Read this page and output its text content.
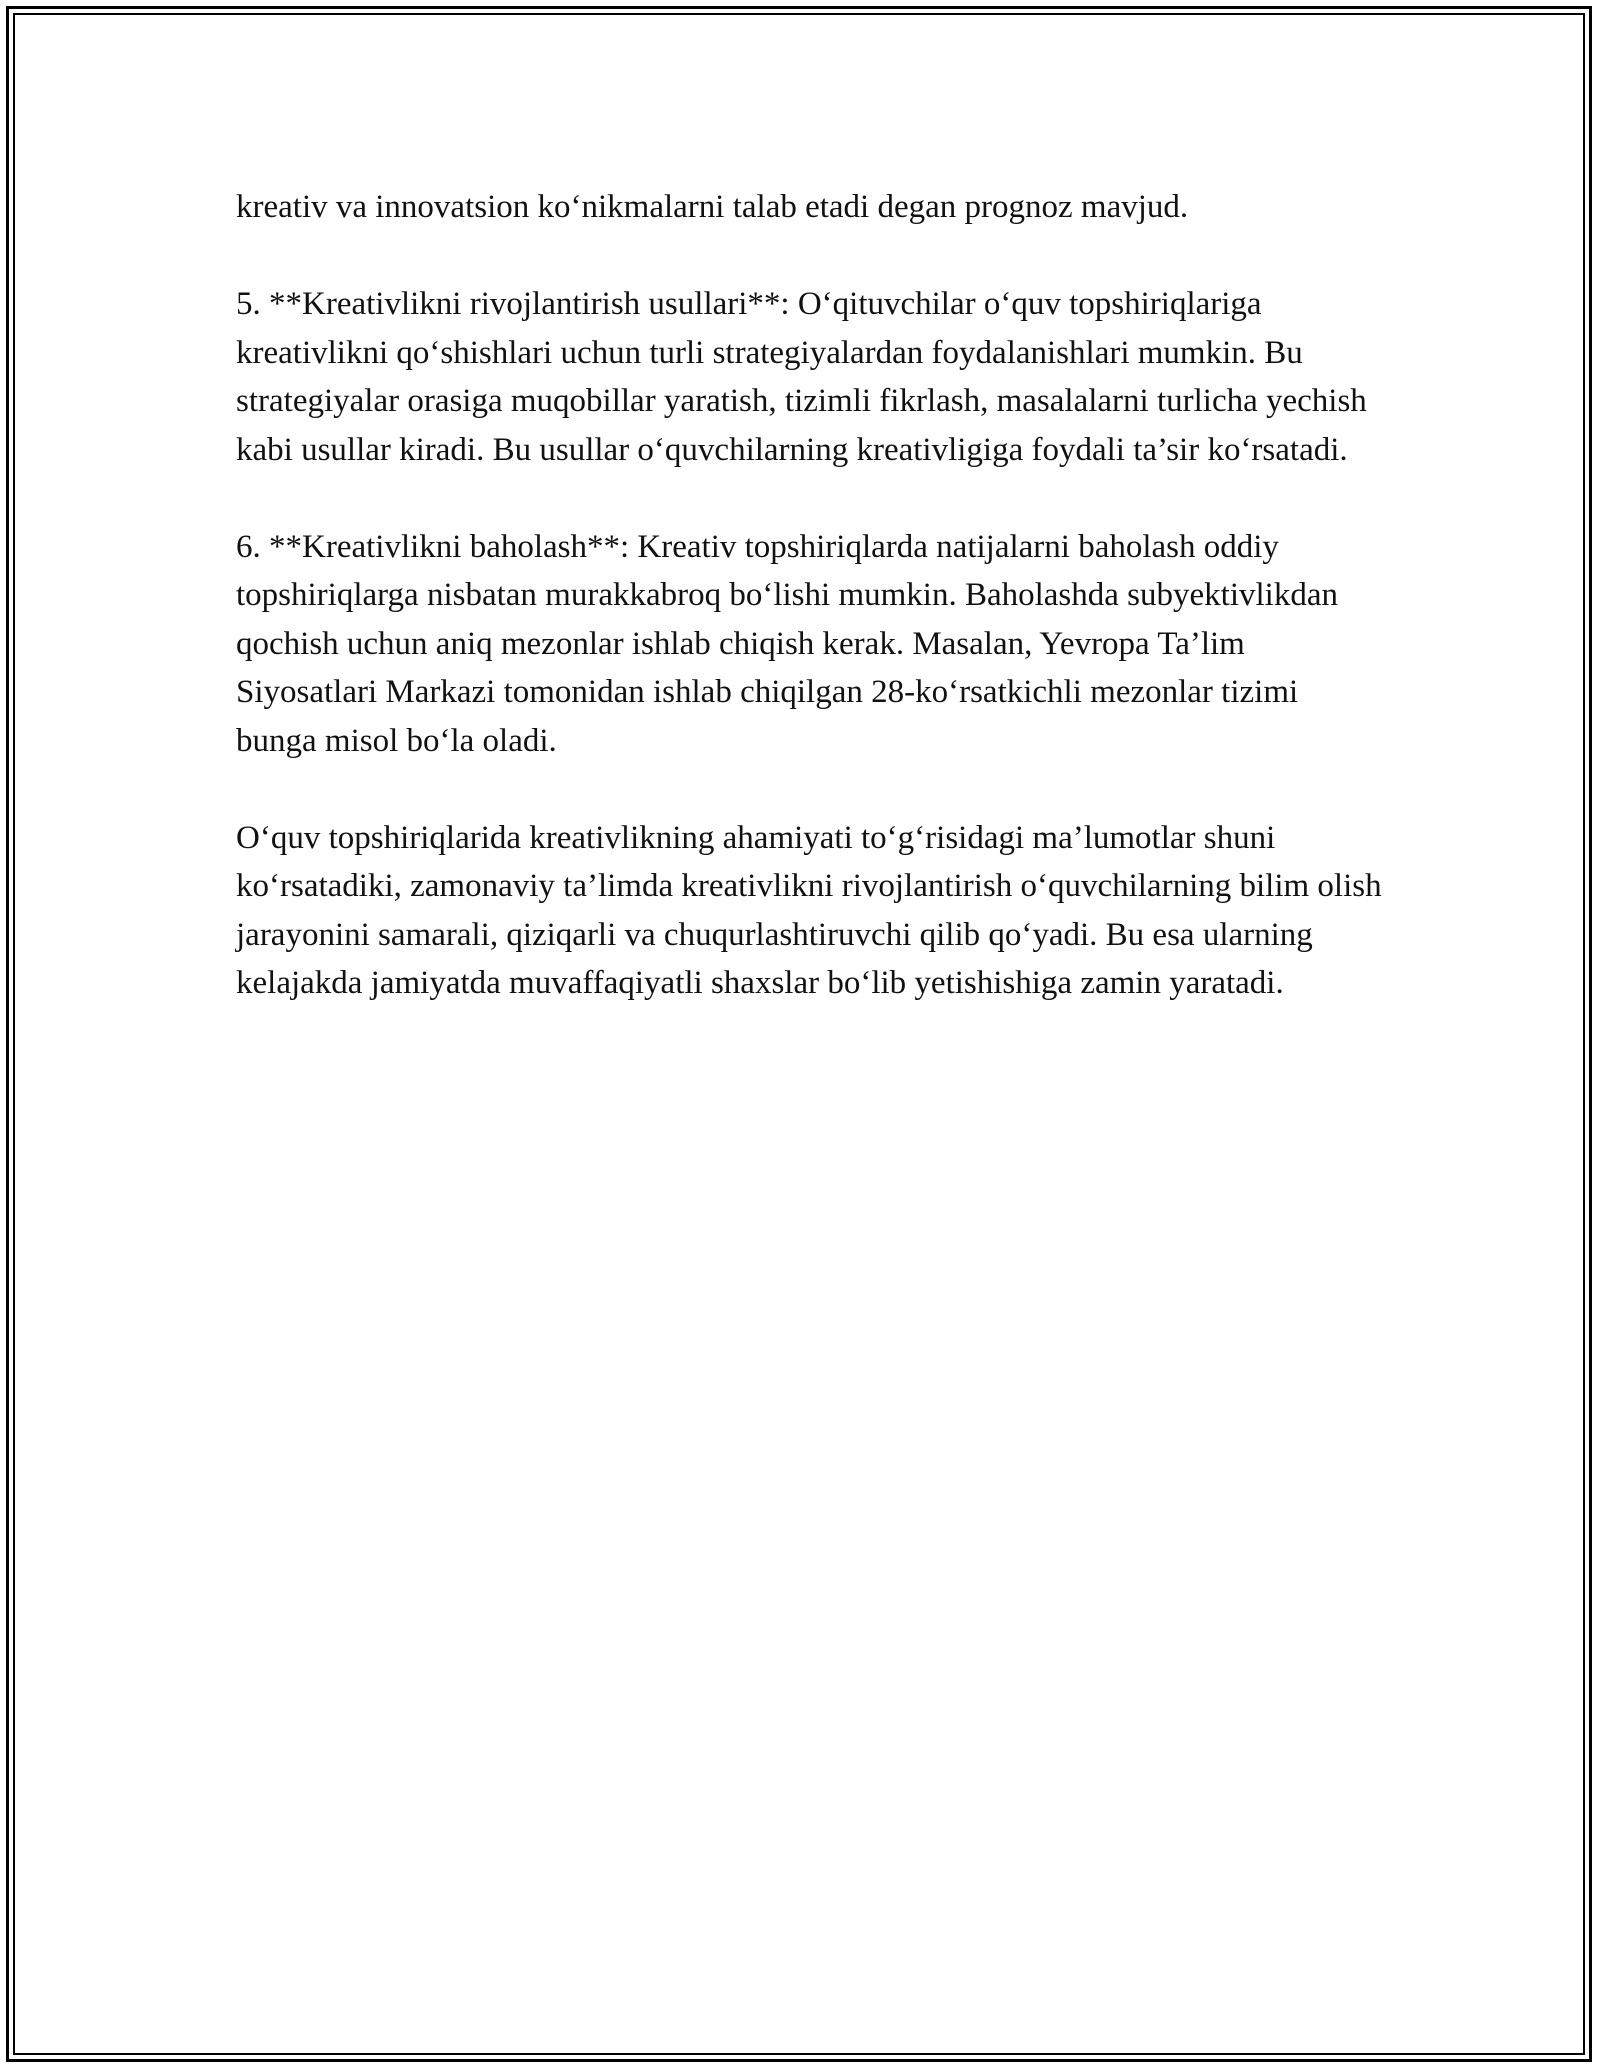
kreativ va innovatsion ko‘nikmalarni talab etadi degan prognoz mavjud.

5. **Kreativlikni rivojlantirish usullari**: O‘qituvchilar o‘quv topshiriqlariga kreativlikni qo‘shishlari uchun turli strategiyalardan foydalanishlari mumkin. Bu strategiyalar orasiga muqobillar yaratish, tizimli fikrlash, masalalarni turlicha yechish kabi usullar kiradi. Bu usullar o‘quvchilarning kreativligiga foydali ta’sir ko‘rsatadi.

6. **Kreativlikni baholash**: Kreativ topshiriqlarda natijalarni baholash oddiy topshiriqlarga nisbatan murakkabroq bo‘lishi mumkin. Baholashda subyektivlikdan qochish uchun aniq mezonlar ishlab chiqish kerak. Masalan, Yevropa Ta’lim Siyosatlari Markazi tomonidan ishlab chiqilgan 28-ko‘rsatkichli mezonlar tizimi bunga misol bo‘la oladi.

O‘quv topshiriqlarida kreativlikning ahamiyati to‘g‘risidagi ma’lumotlar shuni ko‘rsatadiki, zamonaviy ta’limda kreativlikni rivojlantirish o‘quvchilarning bilim olish jarayonini samarali, qiziqarli va chuqurlashtiruvchi qilib qo‘yadi. Bu esa ularning kelajakda jamiyatda muvaffaqiyatli shaxslar bo‘lib yetishishiga zamin yaratadi.
